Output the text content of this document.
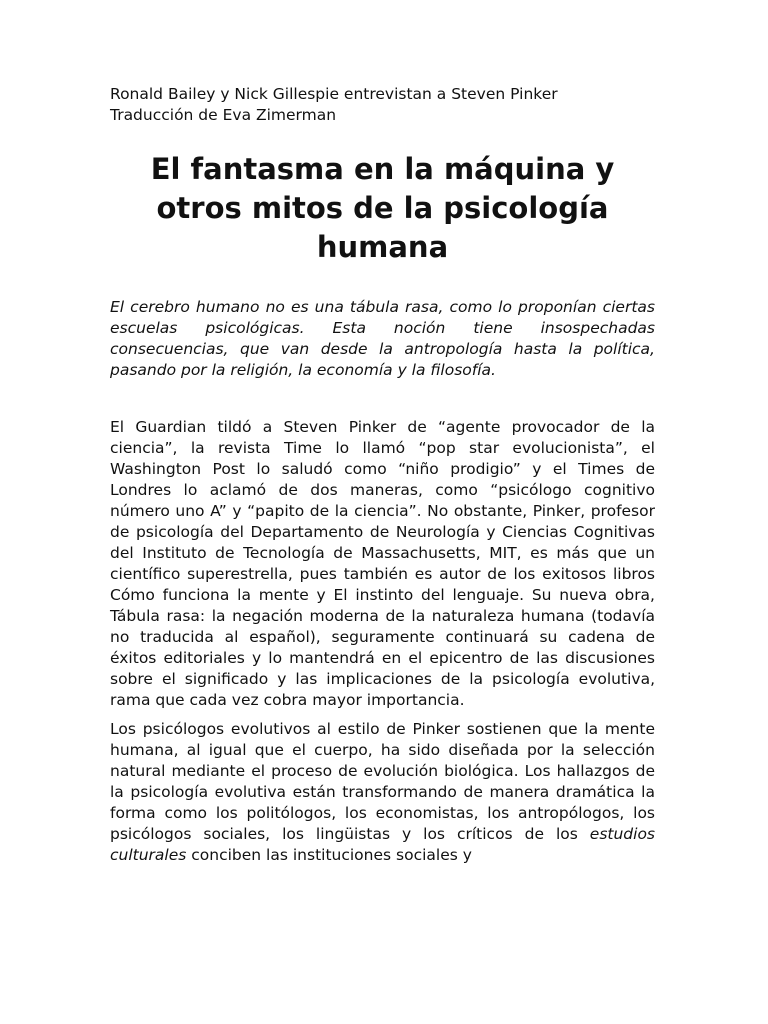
Ronald Bailey y Nick Gillespie entrevistan a Steven Pinker
Traducción de Eva Zimerman

El fantasma en la máquina y otros mitos de la psicología humana

El cerebro humano no es una tábula rasa, como lo proponían ciertas escuelas psicológicas. Esta noción tiene insospechadas consecuencias, que van desde la antropología hasta la política, pasando por la religión, la economía y la filosofía.

El Guardian tildó a Steven Pinker de “agente provocador de la ciencia”, la revista Time lo llamó “pop star evolucionista”, el Washington Post lo saludó como “niño prodigio” y el Times de Londres lo aclamó de dos maneras, como “psicólogo cognitivo número uno A” y “papito de la ciencia”. No obstante, Pinker, profesor de psicología del Departamento de Neurología y Ciencias Cognitivas del Instituto de Tecnología de Massachusetts, MIT, es más que un científico superestrella, pues también es autor de los exitosos libros Cómo funciona la mente y El instinto del lenguaje. Su nueva obra, Tábula rasa: la negación moderna de la naturaleza humana (todavía no traducida al español), seguramente continuará su cadena de éxitos editoriales y lo mantendrá en el epicentro de las discusiones sobre el significado y las implicaciones de la psicología evolutiva, rama que cada vez cobra mayor importancia.

Los psicólogos evolutivos al estilo de Pinker sostienen que la mente humana, al igual que el cuerpo, ha sido diseñada por la selección natural mediante el proceso de evolución biológica. Los hallazgos de la psicología evolutiva están transformando de manera dramática la forma como los politólogos, los economistas, los antropólogos, los psicólogos sociales, los lingüistas y los críticos de los estudios culturales conciben las instituciones sociales y
